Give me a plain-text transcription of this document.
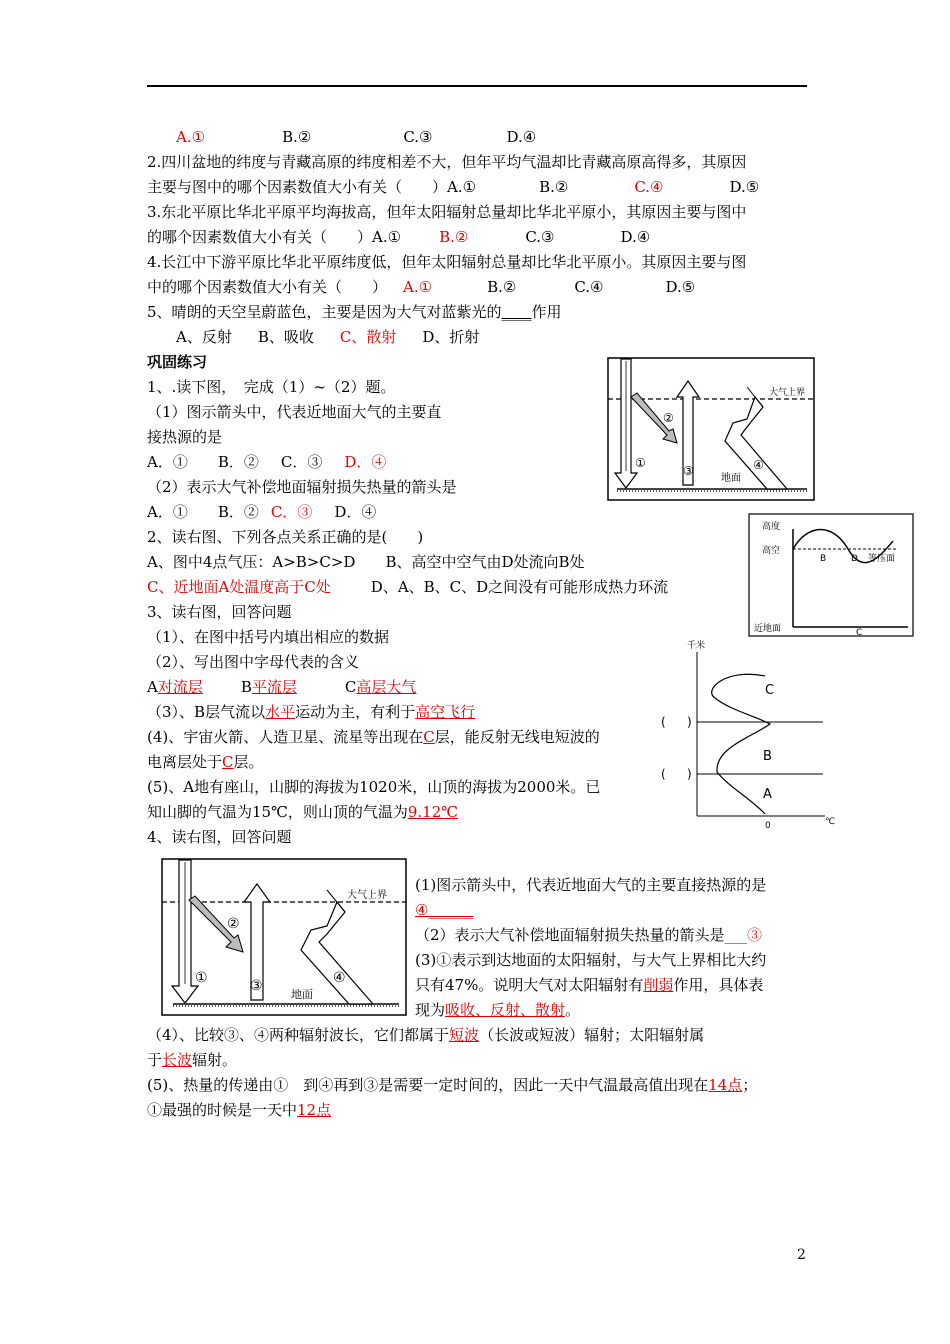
A.①	B.②	C.③	D.④
2.四川盆地的纬度与青藏高原的纬度相差不大，但年平均气温却比青藏高原高得多，其原因
主要与图中的哪个因素数值大小有关（　　）A.①	B.②	C.④	D.⑤
3.东北平原比华北平原平均海拔高，但年太阳辐射总量却比华北平原小，其原因主要与图中
的哪个因素数值大小有关（　　）A.①	B.②	C.③	D.④
4.长江中下游平原比华北平原纬度低，但年太阳辐射总量却比华北平原小。其原因主要与图
中的哪个因素数值大小有关（　　） A.①	B.②	C.④	D.⑤
5、晴朗的天空呈蔚蓝色，主要是因为大气对蓝紫光的____作用
A、反射 B、吸收 C、散射 D、折射
巩固练习
1、.读下图，　完成（1）~（2）题。
（1）图示箭头中，代表近地面大气的主要直
接热源的是
A．① B．② C．③ D．④
（2）表示大气补偿地面辐射损失热量的箭头是
A．① B．② C．③ D．④
2、读右图、下列各点关系正确的是(　　)
A、图中4点气压：A>B>C>D B、高空中空气由D处流向B处
C、近地面A处温度高于C处	D、A、B、C、D之间没有可能形成热力环流
3、读右图，回答问题
（1）、在图中括号内填出相应的数据
（2）、写出图中字母代表的含义
A对流层	B平流层	C高层大气
（3）、B层气流以水平运动为主，有利于高空飞行
(4)、宇宙火箭、人造卫星、流星等出现在C层，能反射无线电短波的
电离层处于C层。
(5)、A地有座山，山脚的海拔为1020米，山顶的海拔为2000米。已
知山脚的气温为15℃，则山顶的气温为9.12℃
4、读右图，回答问题
(1)图示箭头中，代表近地面大气的主要直接热源的是
④______
（2）表示大气补偿地面辐射损失热量的箭头是___③
(3)①表示到达地面的太阳辐射，与大气上界相比大约
只有47%。说明大气对太阳辐射有削弱作用，具体表
现为吸收、反射、散射。
（4）、比较③、④两种辐射波长，它们都属于短波（长波或短波）辐射；太阳辐射属
于长波辐射。
(5)、热量的传递由①　到④再到③是需要一定时间的，因此一天中气温最高值出现在14点；
①最强的时候是一天中12点
大气上界
地面
①
②
③	④
高度
高空
近地面
B	D 等压面
C
千米
C
B
A
( )
( )
0	℃
大气上界
地面
①
②
③	④
2
